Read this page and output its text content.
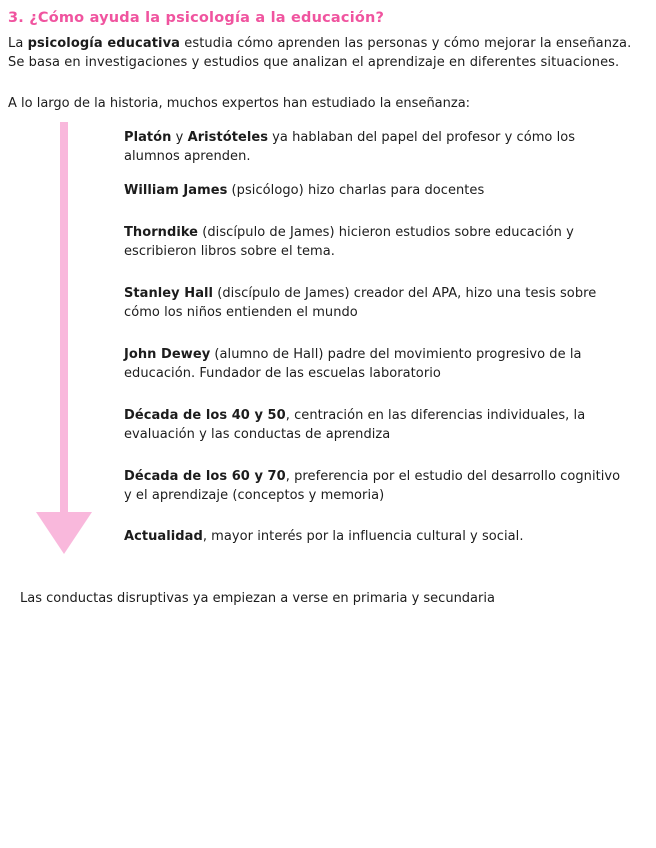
3. ¿Cómo ayuda la psicología a la educación?

La psicología educativa estudia cómo aprenden las personas y cómo mejorar la enseñanza. Se basa en investigaciones y estudios que analizan el aprendizaje en diferentes situaciones.

A lo largo de la historia, muchos expertos han estudiado la enseñanza:
Platón y Aristóteles ya hablaban del papel del profesor y cómo los alumnos aprenden.
William James (psicólogo) hizo charlas para docentes
Thorndike (discípulo de James) hicieron estudios sobre educación y escribieron libros sobre el tema.
Stanley Hall (discípulo de James) creador del APA, hizo una tesis sobre cómo los niños entienden el mundo
John Dewey (alumno de Hall) padre del movimiento progresivo de la educación. Fundador de las escuelas laboratorio
Década de los 40 y 50, centración en las diferencias individuales, la evaluación y las conductas de aprendiza
Década de los 60 y 70, preferencia por el estudio del desarrollo cognitivo y el aprendizaje (conceptos y memoria)
Actualidad, mayor interés por la influencia cultural y social.
Las conductas disruptivas ya empiezan a verse en primaria y secundaria
